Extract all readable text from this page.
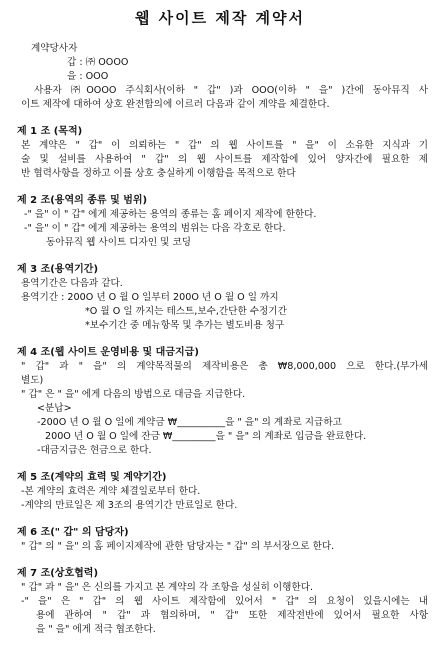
웹 사이트 제작 계약서
계약당사자
갑 : ㈜ OOOO
을 : OOO
사용자 ㈜OOOO 주식회사(이하 " 갑" )과 OOO(이하 " 을" )간에 동아뮤직 사
이트 제작에 대하여 상호 완전합의에 이르러 다음과 같이 계약을 체결한다.
제 1 조 (목적)
본 계약은 " 갑" 이 의뢰하는 " 갑" 의 웹 사이트를 " 을" 이 소유한 지식과 기
술 및 설비를 사용하여 " 갑" 의 웹 사이트를 제작함에 있어 양자간에 필요한 제
반 협력사항을 정하고 이를 상호 충실하게 이행함을 목적으로 한다
제 2 조(용역의 종류 및 범위)
-" 을" 이 " 갑" 에게 제공하는 용역의 종류는 홈 페이지 제작에 한한다.
-" 을" 이 " 갑" 에게 제공하는 용역의 범위는 다음 각호로 한다.
동아뮤직 웹 사이트 디자인 및 코딩
제 3 조(용역기간)
용역기간은 다음과 같다.
용역기간 : 200O 년 O 월 O 일부터 200O 년 O 월 O 일 까지
*O 월 O 일 까지는 테스트,보수,간단한 수정기간
*보수기간 중 메뉴항목 및 추가는 별도비용 청구
제 4 조(웹 사이트 운영비용 및 대금지급)
" 갑" 과 " 을" 의 계약목적물의 제작비용은 총 ₩8,000,000 으로 한다.(부가세
별도)
" 갑" 은 " 을" 에게 다음의 방법으로 대금을 지급한다.
<분납>
-200O 년 O 월 O 일에 계약금 ₩__________을 " 을" 의 계좌로 지급하고
200O 년 O 월 O 일에 잔금 ₩_________을 " 을" 의 계좌로 입금을 완료한다.
-대금지급은 현금으로 한다.
제 5 조(계약의 효력 및 계약기간)
-본 계약의 효력은 계약 체결일로부터 한다.
-계약의 만료일은 제 3조의 용역기간 만료일로 한다.
제 6 조(" 갑" 의 담당자)
" 갑" 의 " 을" 의 홈 페이지제작에 관한 담당자는 " 갑" 의 부서장으로 한다.
제 7 조(상호협력)
" 갑" 과 " 을" 은 신의를 가지고 본 계약의 각 조항을 성실히 이행한다.
-" 을" 은 " 갑" 의 웹 사이트 제작함에 있어서 " 갑" 의 요청이 있을시에는 내
용에 관하여 " 갑" 과 협의하며, " 갑" 또한 제작전반에 있어서 필요한 사항
을 " 을" 에게 적극 협조한다.
